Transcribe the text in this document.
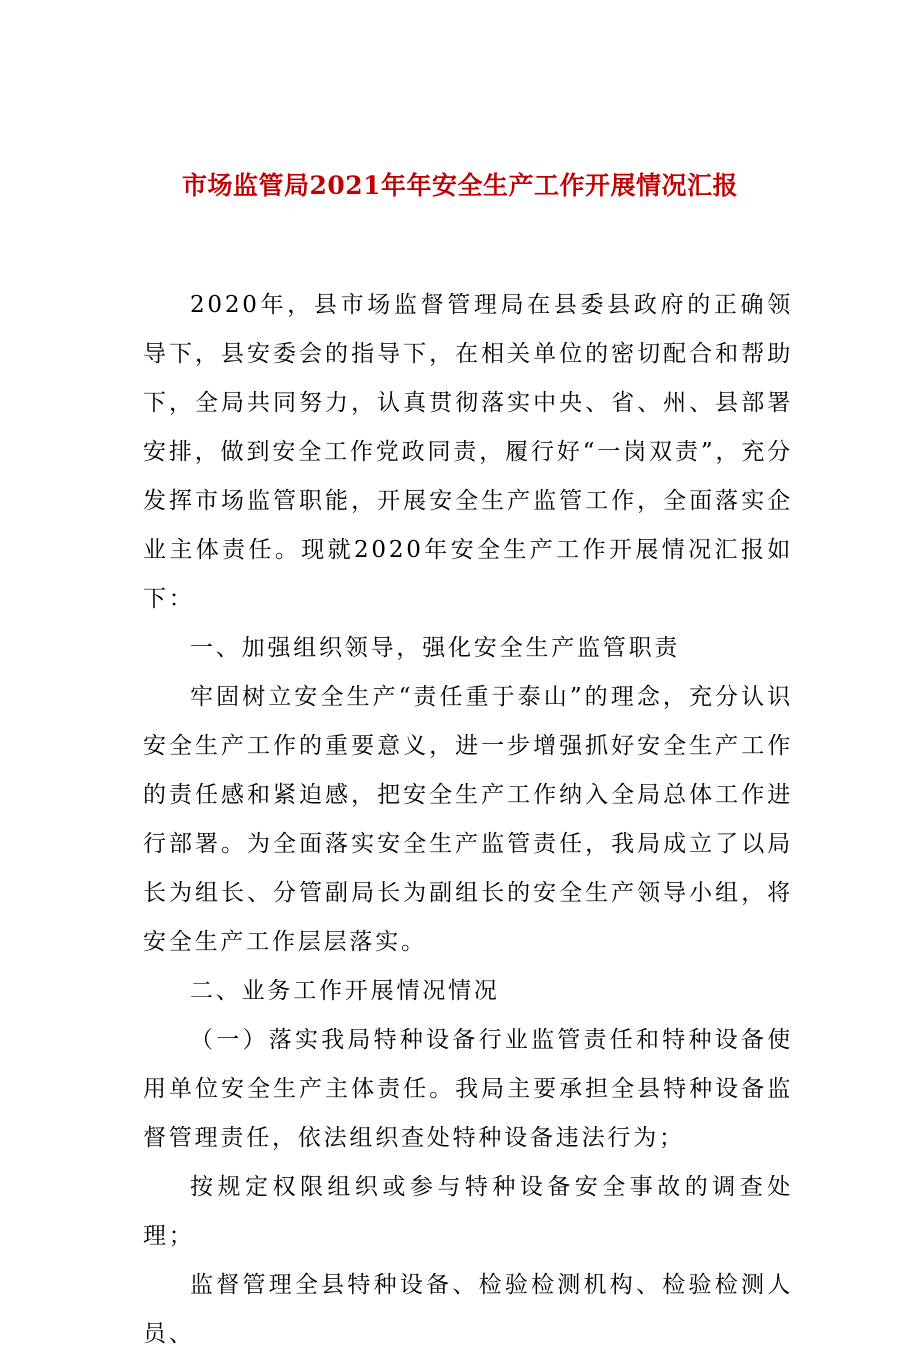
市场监管局2021年年安全生产工作开展情况汇报

2020年，县市场监督管理局在县委县政府的正确领导下，县安委会的指导下，在相关单位的密切配合和帮助下，全局共同努力，认真贯彻落实中央、省、州、县部署安排，做到安全工作党政同责，履行好“一岗双责”，充分发挥市场监管职能，开展安全生产监管工作，全面落实企业主体责任。现就2020年安全生产工作开展情况汇报如下：

一、加强组织领导，强化安全生产监管职责

牢固树立安全生产“责任重于泰山”的理念，充分认识安全生产工作的重要意义，进一步增强抓好安全生产工作的责任感和紧迫感，把安全生产工作纳入全局总体工作进行部署。为全面落实安全生产监管责任，我局成立了以局长为组长、分管副局长为副组长的安全生产领导小组，将安全生产工作层层落实。

二、业务工作开展情况情况

（一）落实我局特种设备行业监管责任和特种设备使用单位安全生产主体责任。我局主要承担全县特种设备监督管理责任，依法组织查处特种设备违法行为；

按规定权限组织或参与特种设备安全事故的调查处理；

监督管理全县特种设备、检验检测机构、检验检测人员、
